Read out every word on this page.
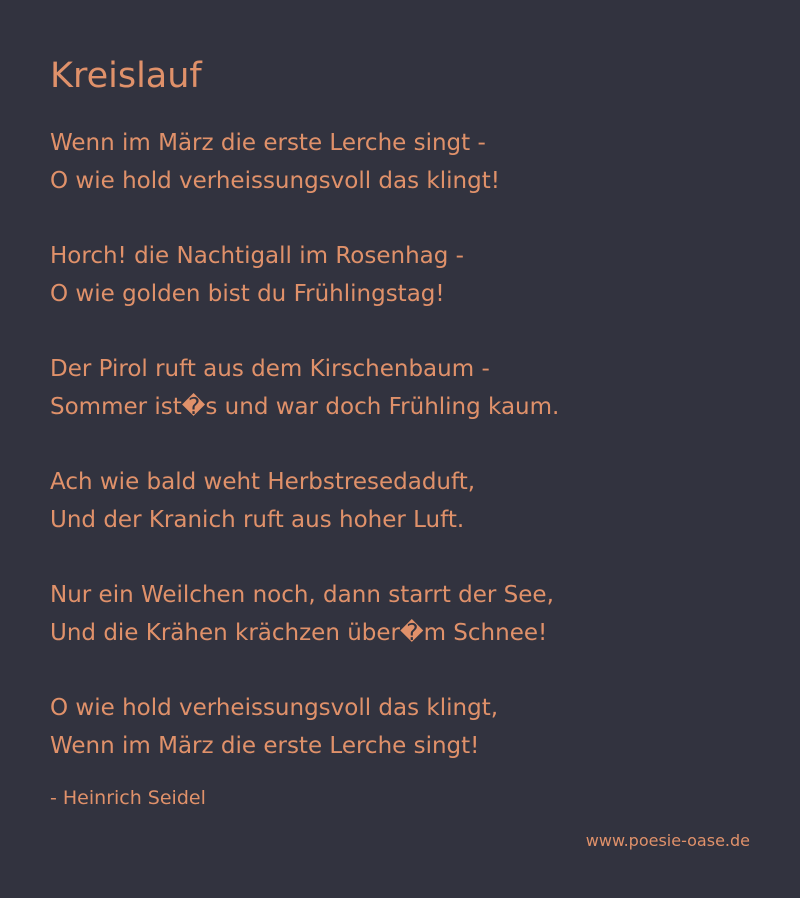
Kreislauf

Wenn im März die erste Lerche singt -
O wie hold verheissungsvoll das klingt!

Horch! die Nachtigall im Rosenhag -
O wie golden bist du Frühlingstag!

Der Pirol ruft aus dem Kirschenbaum -
Sommer ist�s und war doch Frühling kaum.

Ach wie bald weht Herbstresedaduft,
Und der Kranich ruft aus hoher Luft.

Nur ein Weilchen noch, dann starrt der See,
Und die Krähen krächzen über�m Schnee!

O wie hold verheissungsvoll das klingt,
Wenn im März die erste Lerche singt!

- Heinrich Seidel
www.poesie-oase.de
